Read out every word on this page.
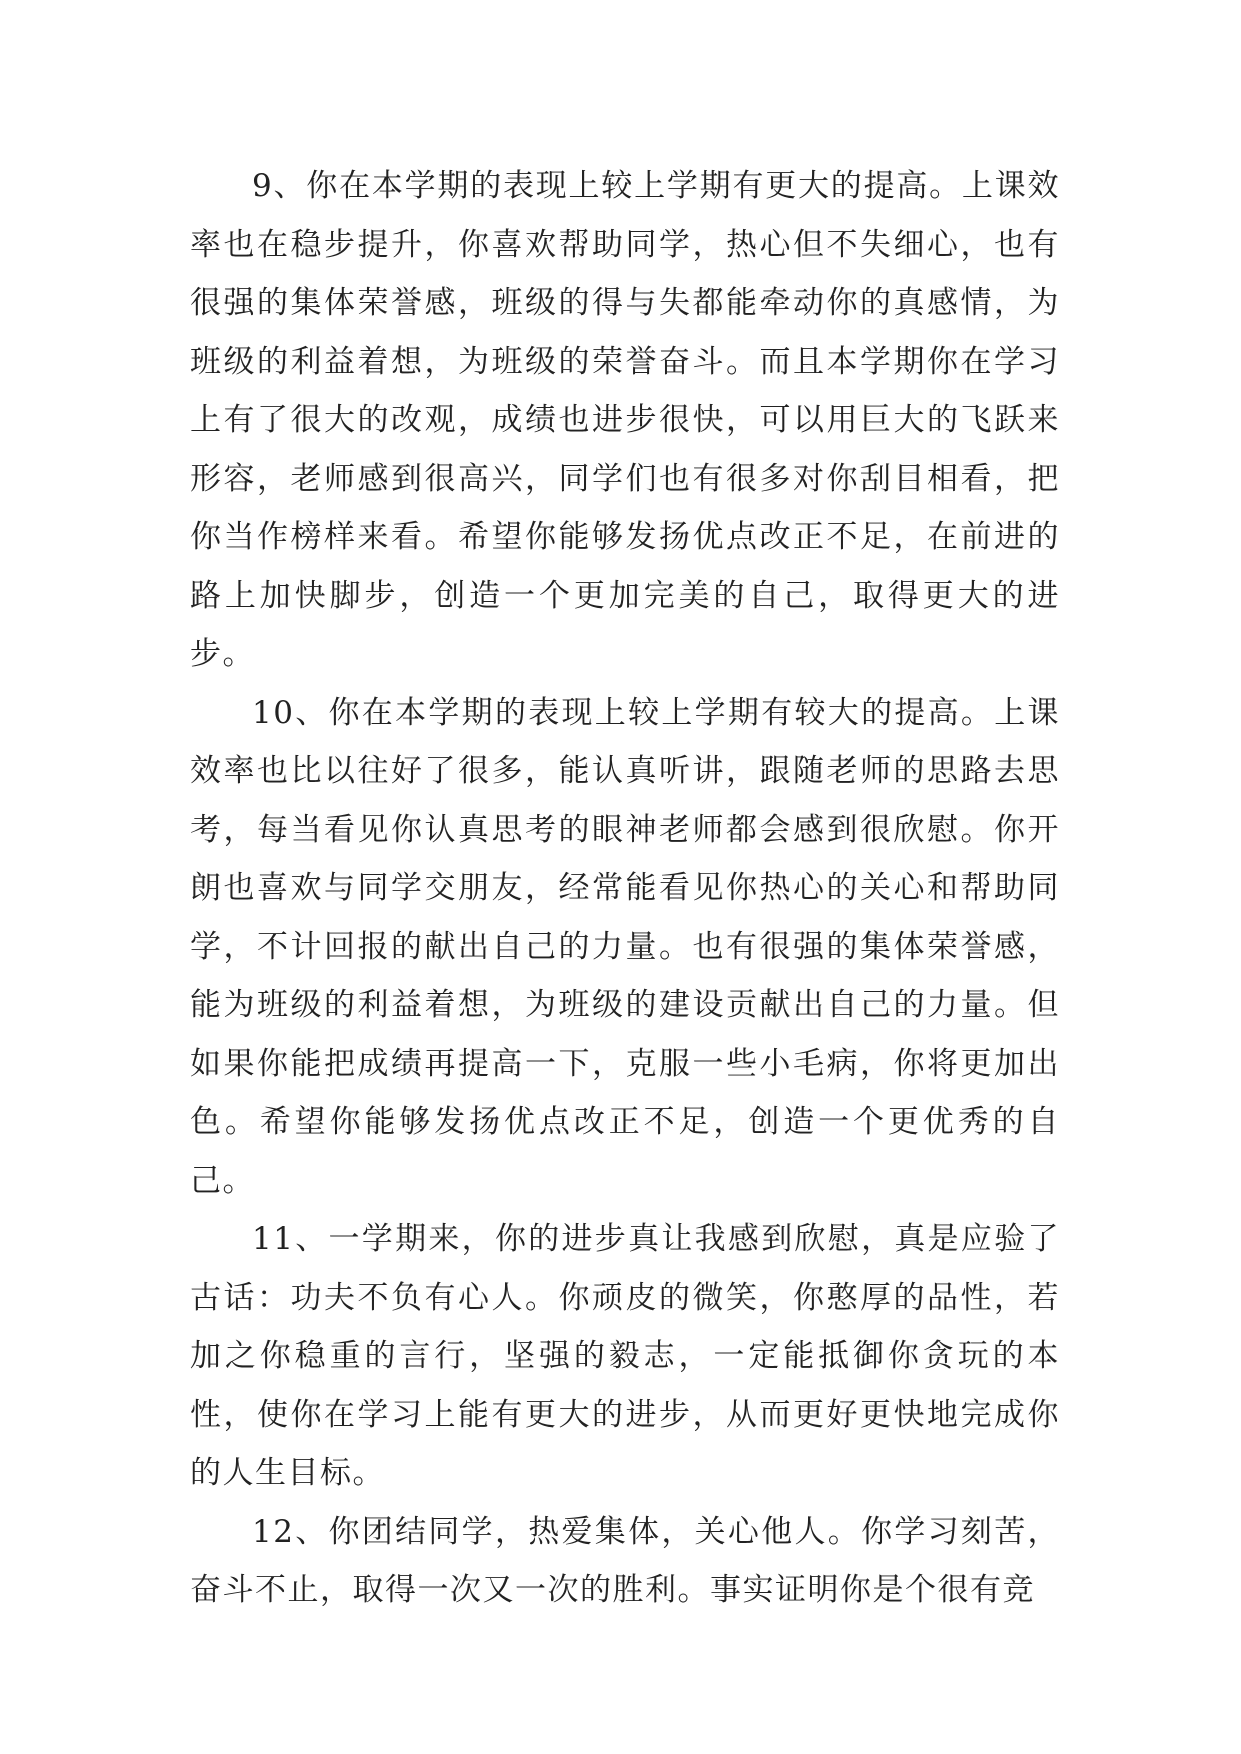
9、你在本学期的表现上较上学期有更大的提高。上课效率也在稳步提升，你喜欢帮助同学，热心但不失细心，也有很强的集体荣誉感，班级的得与失都能牵动你的真感情，为班级的利益着想，为班级的荣誉奋斗。而且本学期你在学习上有了很大的改观，成绩也进步很快，可以用巨大的飞跃来形容，老师感到很高兴，同学们也有很多对你刮目相看，把你当作榜样来看。希望你能够发扬优点改正不足，在前进的路上加快脚步，创造一个更加完美的自己，取得更大的进步。

10、你在本学期的表现上较上学期有较大的提高。上课效率也比以往好了很多，能认真听讲，跟随老师的思路去思考，每当看见你认真思考的眼神老师都会感到很欣慰。你开朗也喜欢与同学交朋友，经常能看见你热心的关心和帮助同学，不计回报的献出自己的力量。也有很强的集体荣誉感，能为班级的利益着想，为班级的建设贡献出自己的力量。但如果你能把成绩再提高一下，克服一些小毛病，你将更加出色。希望你能够发扬优点改正不足，创造一个更优秀的自己。

11、一学期来，你的进步真让我感到欣慰，真是应验了古话：功夫不负有心人。你顽皮的微笑，你憨厚的品性，若加之你稳重的言行，坚强的毅志，一定能抵御你贪玩的本性，使你在学习上能有更大的进步，从而更好更快地完成你的人生目标。

12、你团结同学，热爱集体，关心他人。你学习刻苦，奋斗不止，取得一次又一次的胜利。事实证明你是个很有竞
